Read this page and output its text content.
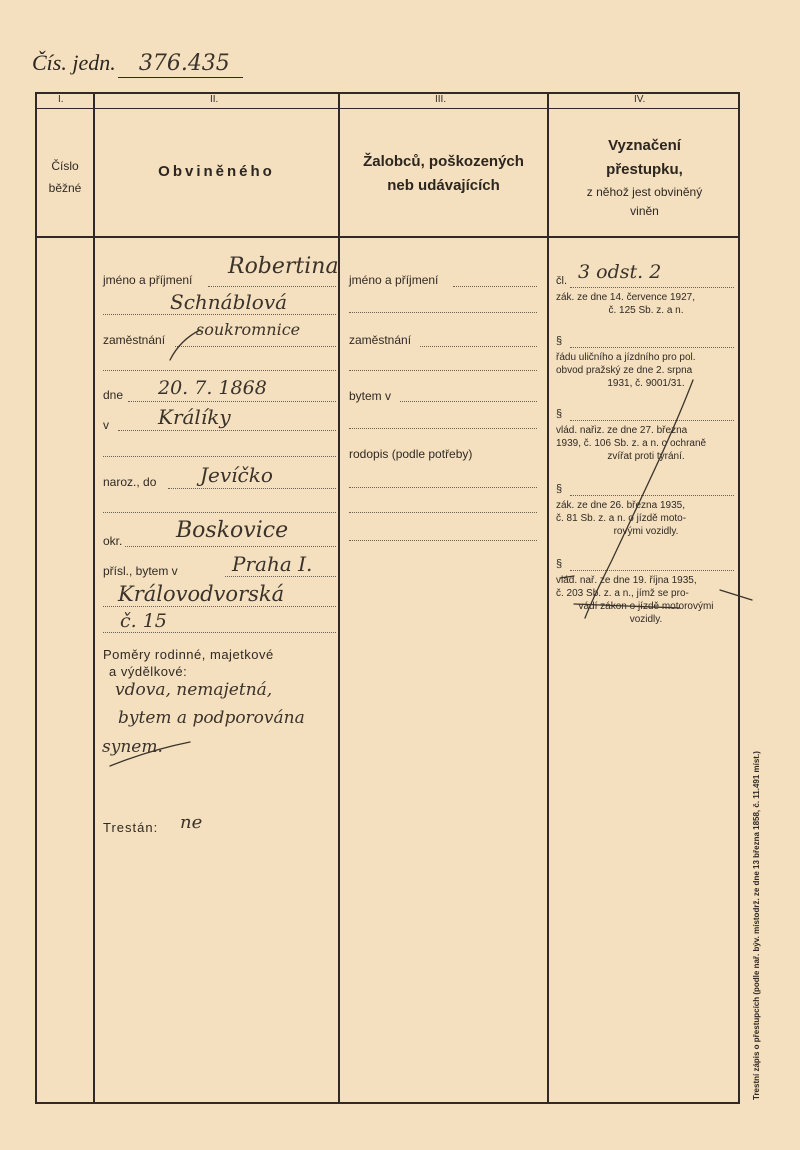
Čís. jedn. 376.435
I.	II.	III.	IV.
Číslo
běžné
Obviněného
Žalobců, poškozených
neb udávajících
Vyznačení
přestupku,
z něhož jest obviněný
viněn
jméno a příjmení
Robertina
Schnáblová
zaměstnání
soukromnice
dne 20. 7. 1868
v Králíky
naroz., do Jevíčko
okr. Boskovice
přísl., bytem v	Praha I.
Královodvorská
č. 15
Poměry rodinné, majetkové
a výdělkové:
vdova, nemajetná,
bytem a podporována
synem.
Trestán: ne
jméno a příjmení
zaměstnání
bytem v
rodopis (podle potřeby)
čl. 3 odst. 2
zák. ze dne 14. července 1927,
č. 125 Sb. z. a n.
§
řádu uličního a jízdního pro pol.
obvod pražský ze dne 2. srpna
1931, č. 9001/31.
§
vlád. nařiz. ze dne 27. března
1939, č. 106 Sb. z. a n. o ochraně
zvířat proti týrání.
§
zák. ze dne 26. března 1935,
č. 81 Sb. z. a n. o jízdě moto-
rovými vozidly.
§
vlád. nař. ze dne 19. října 1935,
č. 203 Sb. z. a n., jímž se pro-
vádí zákon o jízdě motorovými
vozidly.
Trestní zápis o přestupcích (podle nař. býv. místodrž. ze dne 13 března 1858, č. 11.491 míst.)
